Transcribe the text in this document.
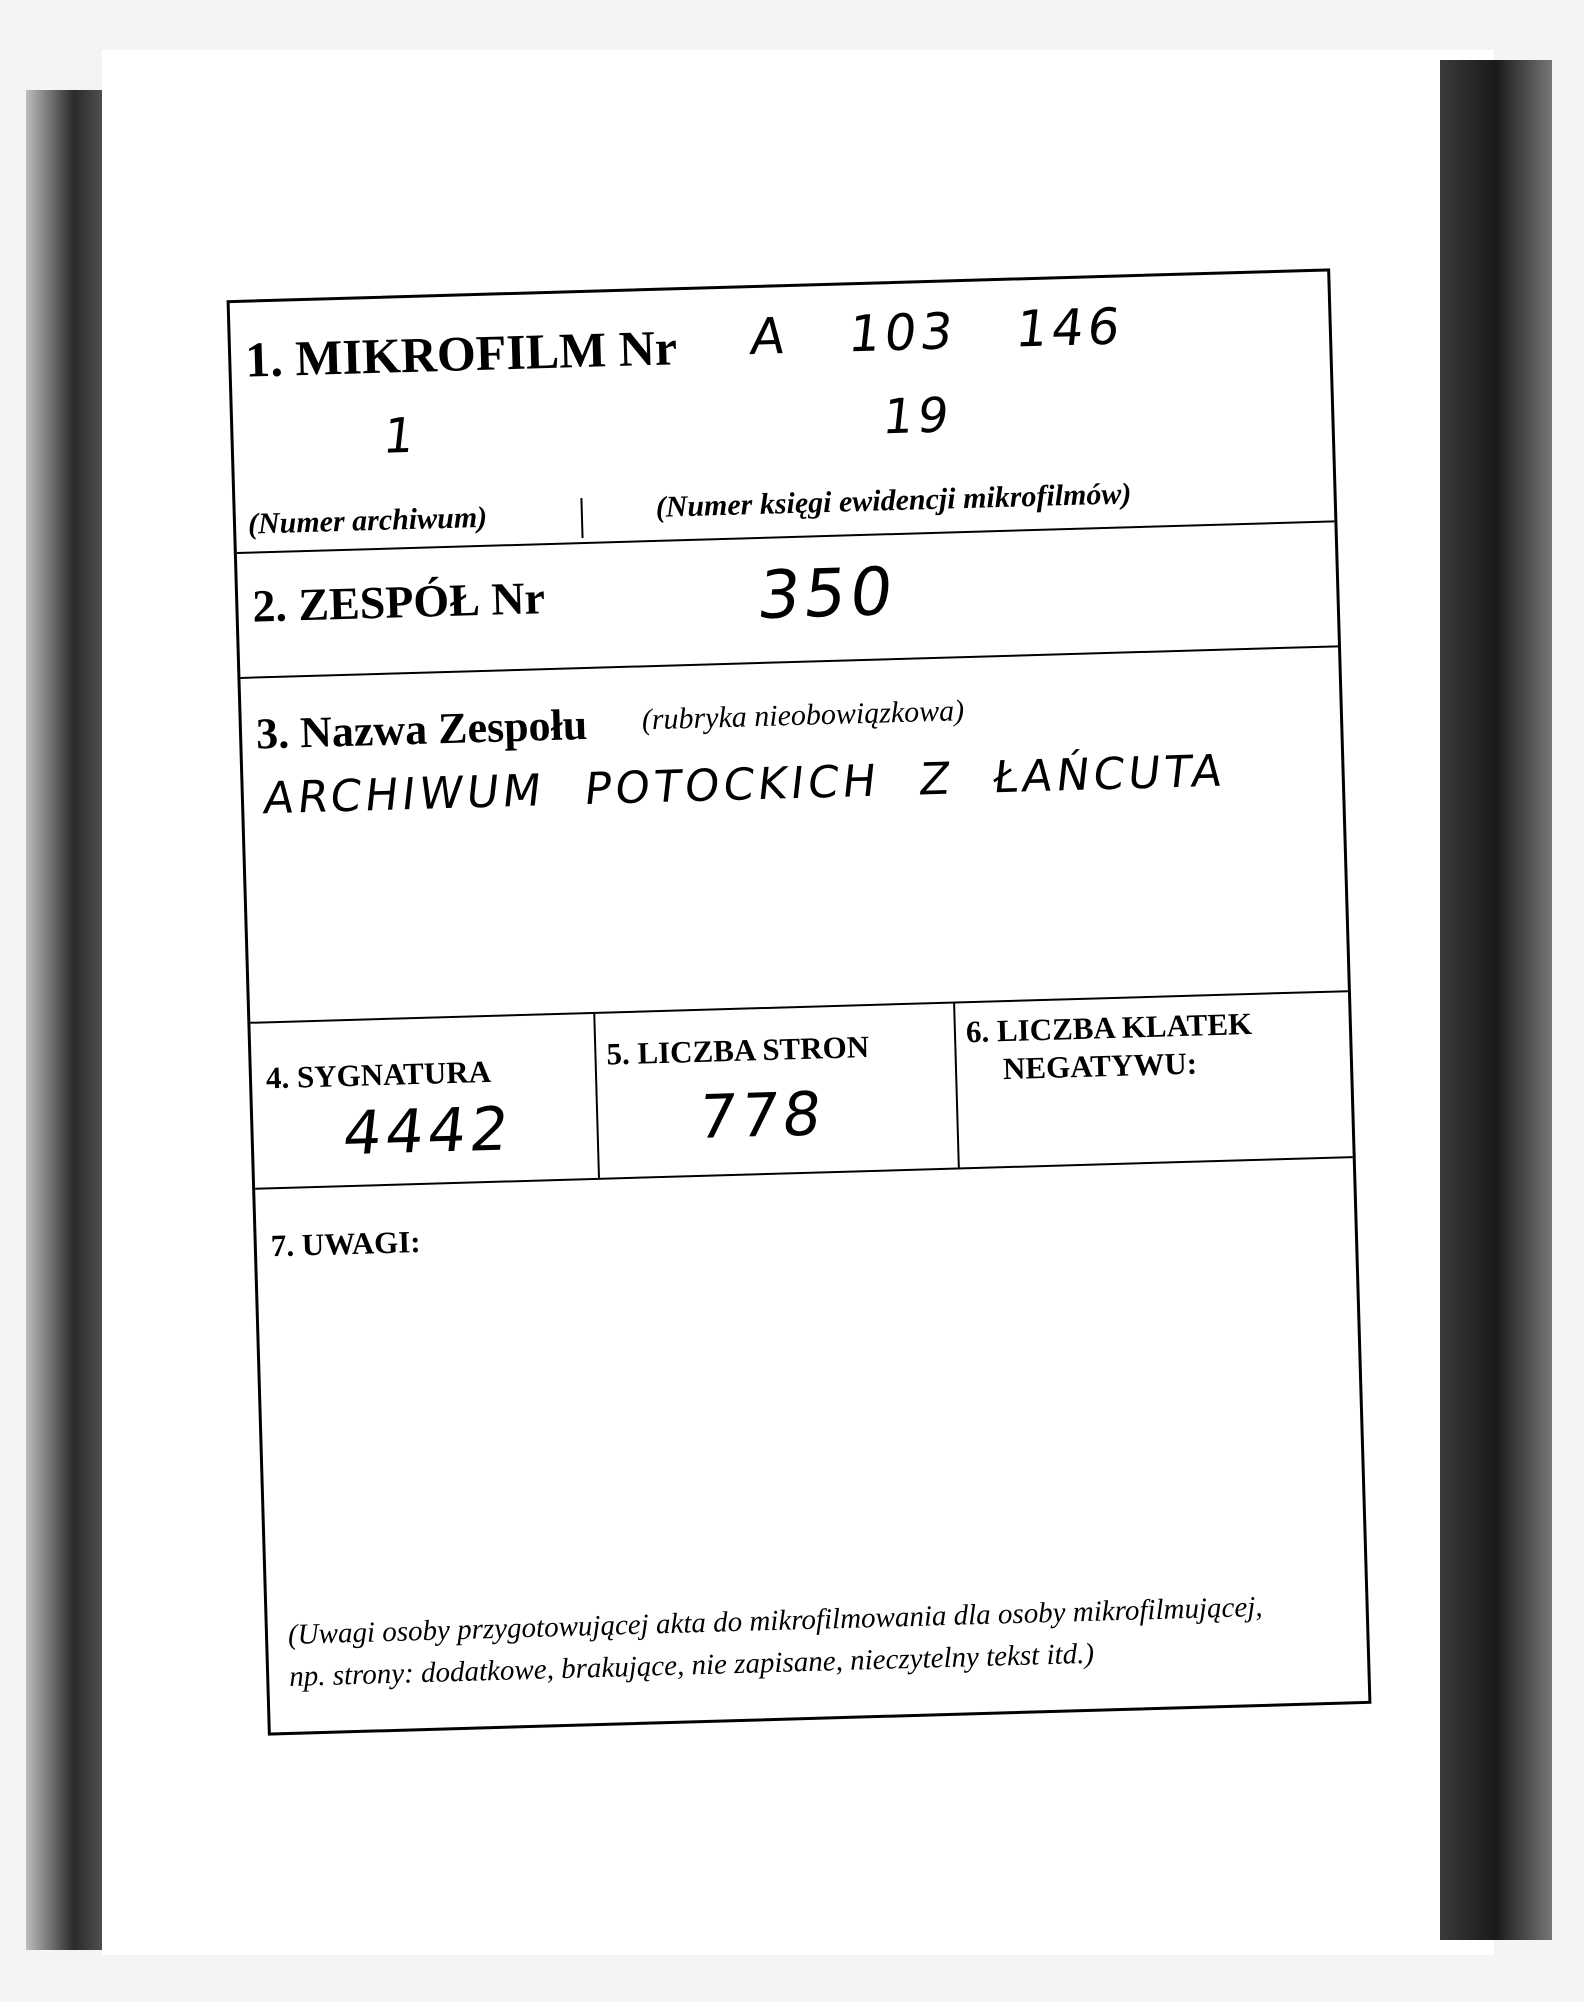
1. MIKROFILM Nr A 103 146
1	19
(Numer archiwum)	(Numer księgi ewidencji mikrofilmów)
2. ZESPÓŁ Nr	350
3. Nazwa Zespołu (rubryka nieobowiązkowa)
ARCHIWUM POTOCKICH Z ŁAŃCUTA
4. SYGNATURA
4442
5. LICZBA STRON
778
6. LICZBA KLATEK
NEGATYWU:
7. UWAGI:
(Uwagi osoby przygotowującej akta do mikrofilmowania dla osoby mikrofilmującej,
np. strony: dodatkowe, brakujące, nie zapisane, nieczytelny tekst itd.)
